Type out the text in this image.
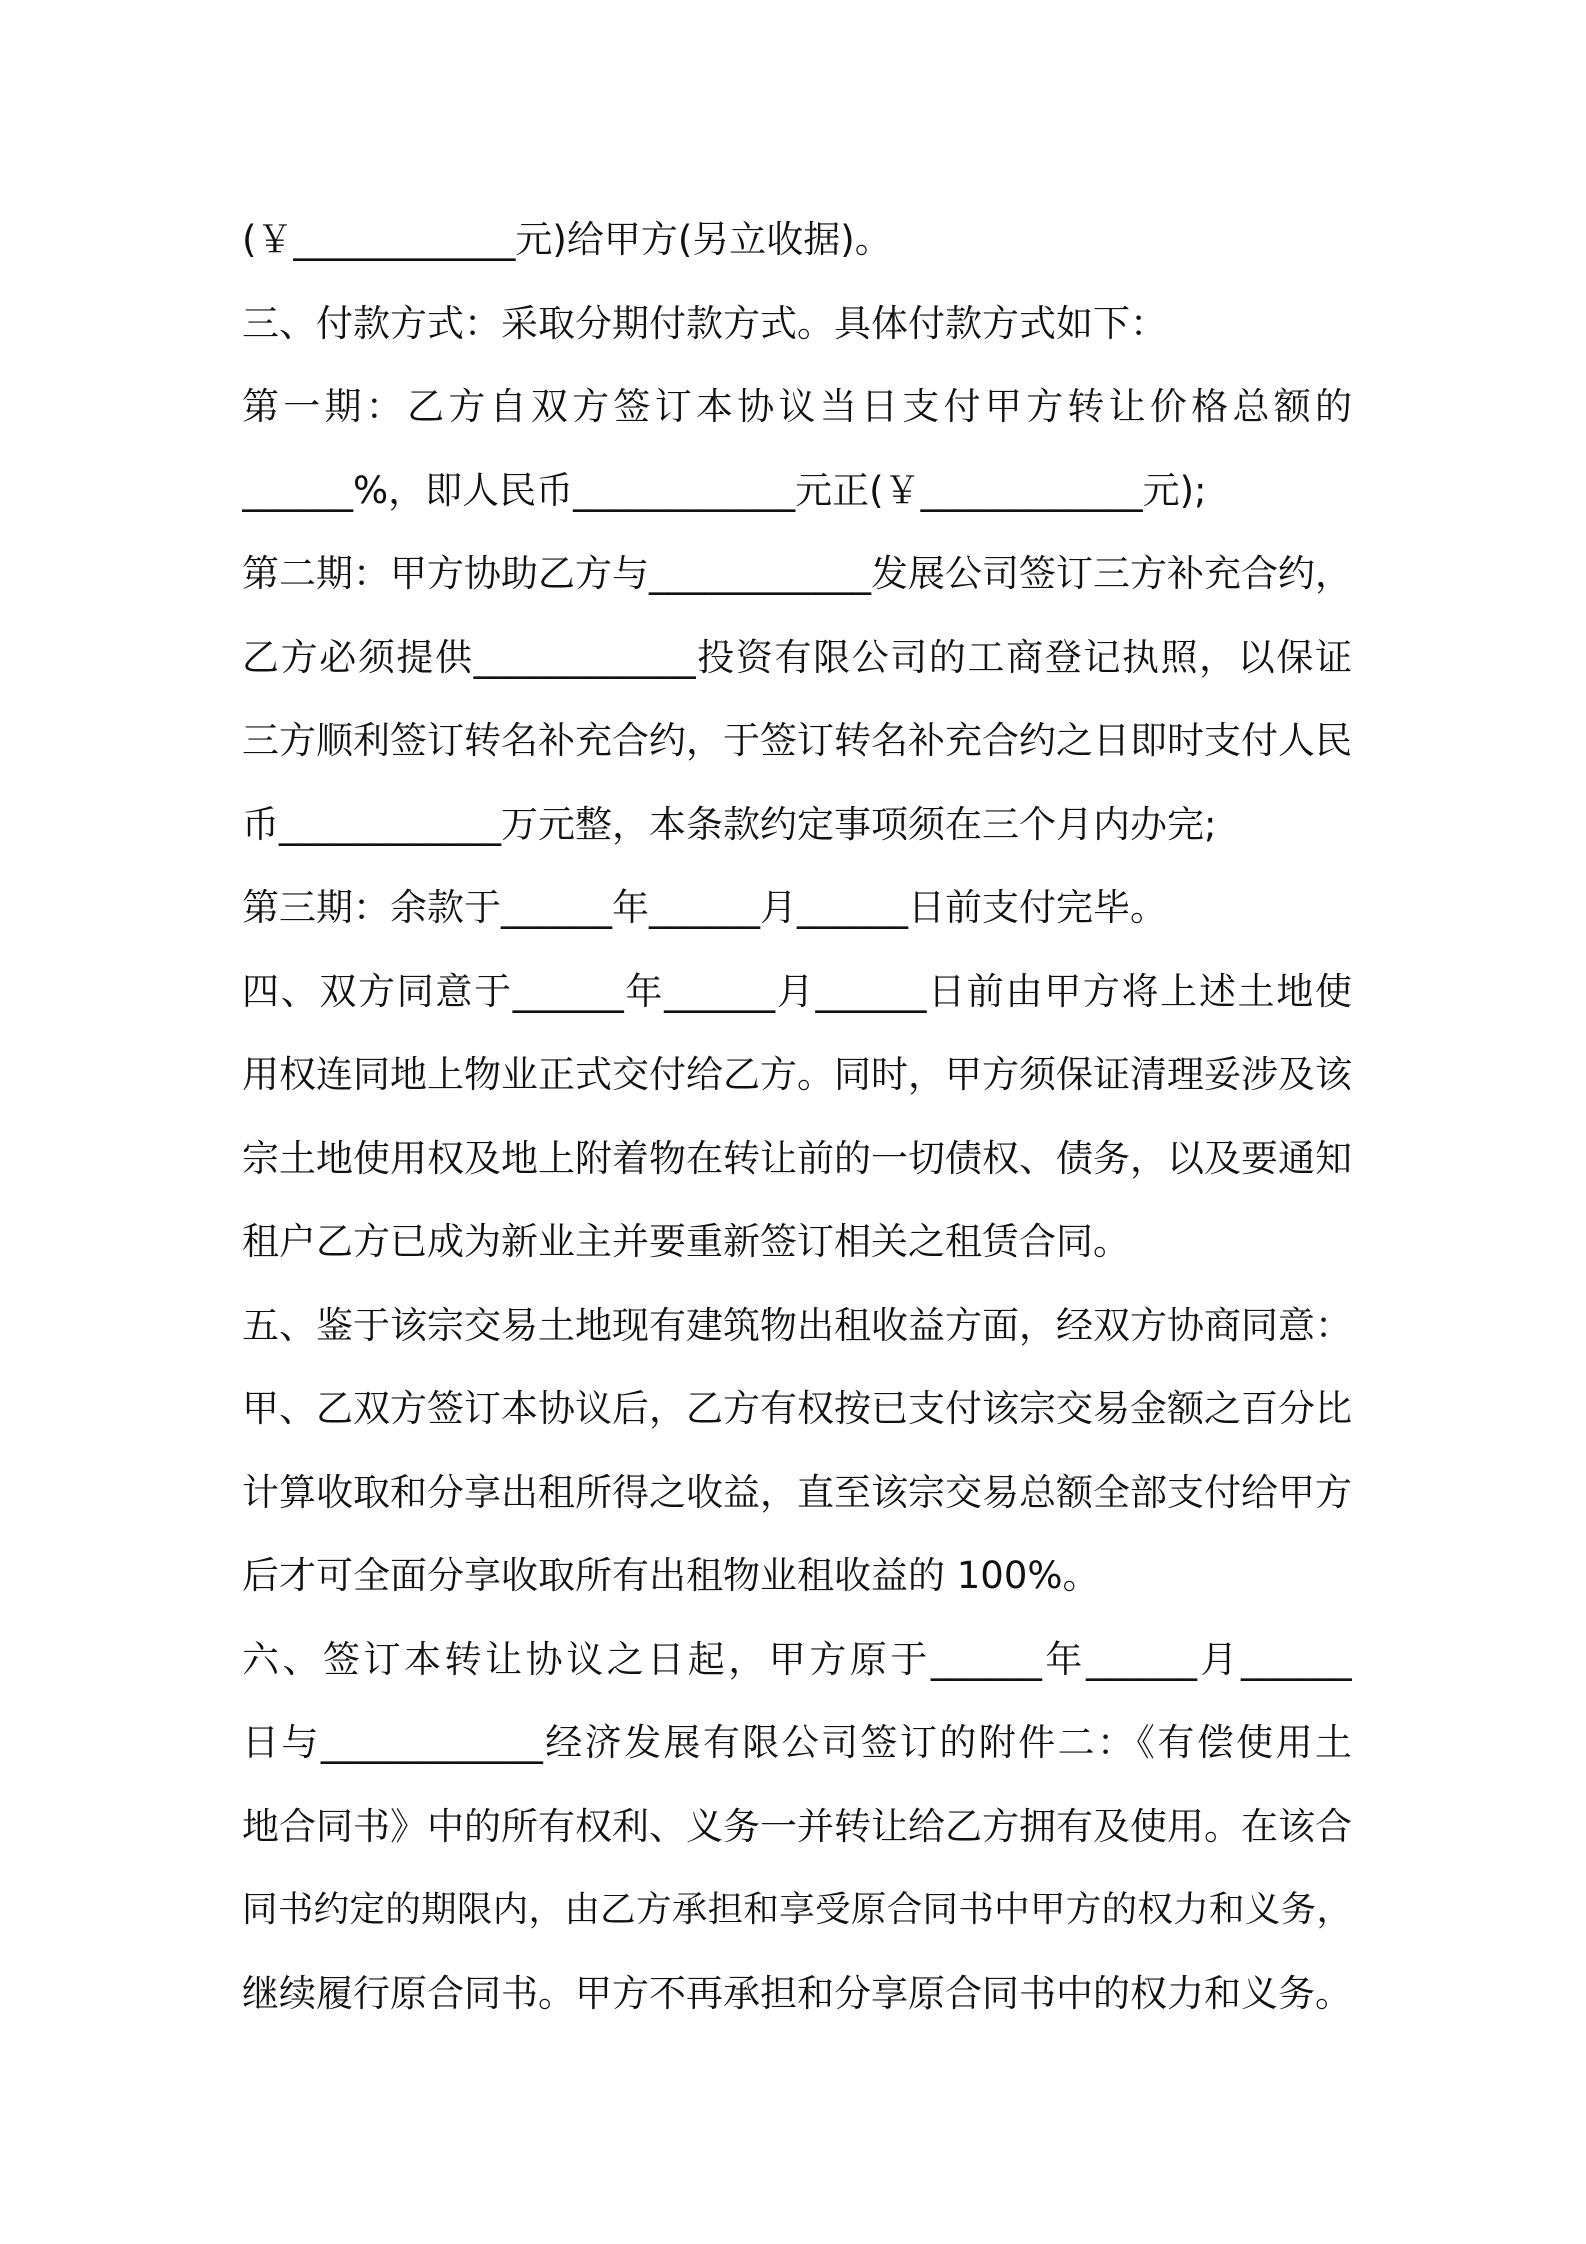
(￥____________元)给甲方(另立收据)。
三、付款方式：采取分期付款方式。具体付款方式如下：
第一期：乙方自双方签订本协议当日支付甲方转让价格总额的
______%，即人民币____________元正(￥____________元);
第二期：甲方协助乙方与____________发展公司签订三方补充合约，
乙方必须提供____________投资有限公司的工商登记执照，以保证
三方顺利签订转名补充合约，于签订转名补充合约之日即时支付人民
币____________万元整，本条款约定事项须在三个月内办完;
第三期：余款于______年______月______日前支付完毕。
四、双方同意于______年______月______日前由甲方将上述土地使
用权连同地上物业正式交付给乙方。同时，甲方须保证清理妥涉及该
宗土地使用权及地上附着物在转让前的一切债权、债务，以及要通知
租户乙方已成为新业主并要重新签订相关之租赁合同。
五、鉴于该宗交易土地现有建筑物出租收益方面，经双方协商同意：
甲、乙双方签订本协议后，乙方有权按已支付该宗交易金额之百分比
计算收取和分享出租所得之收益，直至该宗交易总额全部支付给甲方
后才可全面分享收取所有出租物业租收益的 100%。
六、签订本转让协议之日起，甲方原于______年______月______
日与____________经济发展有限公司签订的附件二：《有偿使用土
地合同书》中的所有权利、义务一并转让给乙方拥有及使用。在该合
同书约定的期限内，由乙方承担和享受原合同书中甲方的权力和义务，
继续履行原合同书。甲方不再承担和分享原合同书中的权力和义务。
